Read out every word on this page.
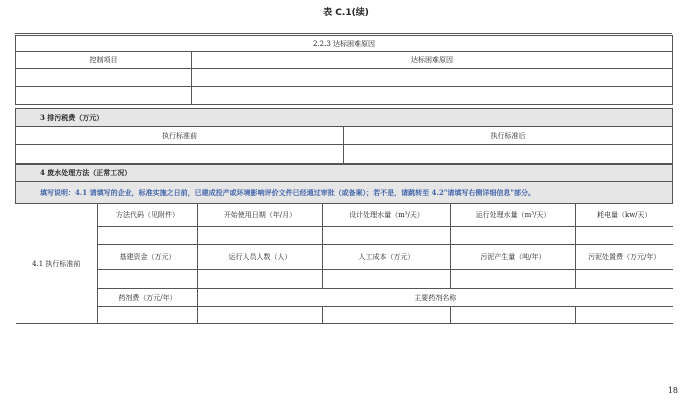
表 C.1(续)
2.2.3 达标困难原因	
控制项目	达标困难原因

3 排污税费（万元）	
执行标准前	执行标准后

4 废水处理方法（正常工况）					
填写说明：4.1 请填写的企业，标准实施之日前，已建成投产或环境影响评价文件已经通过审批（或备案）；若不是，请跳转至 4.2"请填写右侧详细信息"部分。					
4.1 执行标准前	方法代码（见附件）	开始使用日期（年/月）	设计处理水量（m³/天）	运行处理水量（m³/天）	耗电量（kw/天）

	基建资金（万元）	运行人员人数（人）	人工成本（万元）	污泥产生量（吨/年）	污泥处置费（万元/年）

	药剂费（万元/年）	主要药剂名称			

18
